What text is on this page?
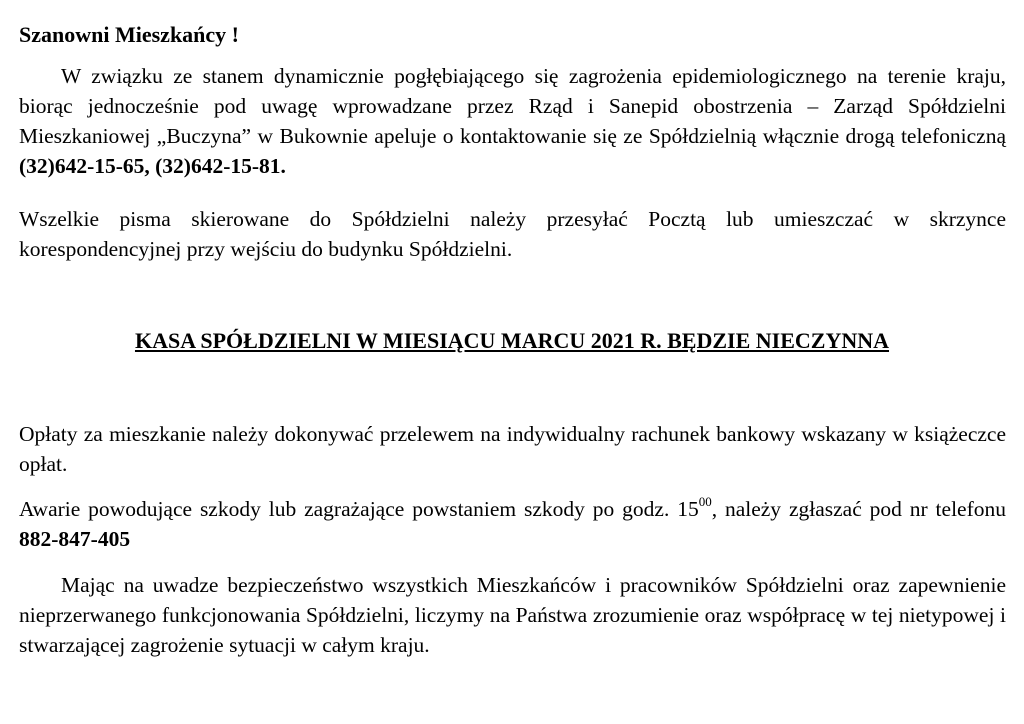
Szanowni Mieszkańcy !

W związku ze stanem dynamicznie pogłębiającego się zagrożenia epidemiologicznego na terenie kraju, biorąc jednocześnie pod uwagę wprowadzane przez Rząd i Sanepid obostrzenia – Zarząd Spółdzielni Mieszkaniowej „Buczyna” w Bukownie apeluje o kontaktowanie się ze Spółdzielnią włącznie drogą telefoniczną (32)642-15-65, (32)642-15-81.

Wszelkie pisma skierowane do Spółdzielni należy przesyłać Pocztą lub umieszczać w skrzynce korespondencyjnej przy wejściu do budynku Spółdzielni.

KASA SPÓŁDZIELNI W MIESIĄCU MARCU 2021 R. BĘDZIE NIECZYNNA

Opłaty za mieszkanie należy dokonywać przelewem na indywidualny rachunek bankowy wskazany w książeczce opłat.

Awarie powodujące szkody lub zagrażające powstaniem szkody po godz. $15^{00}$, należy zgłaszać pod nr telefonu 882-847-405

Mając na uwadze bezpieczeństwo wszystkich Mieszkańców i pracowników Spółdzielni oraz zapewnienie nieprzerwanego funkcjonowania Spółdzielni, liczymy na Państwa zrozumienie oraz współpracę w tej nietypowej i stwarzającej zagrożenie sytuacji w całym kraju.
